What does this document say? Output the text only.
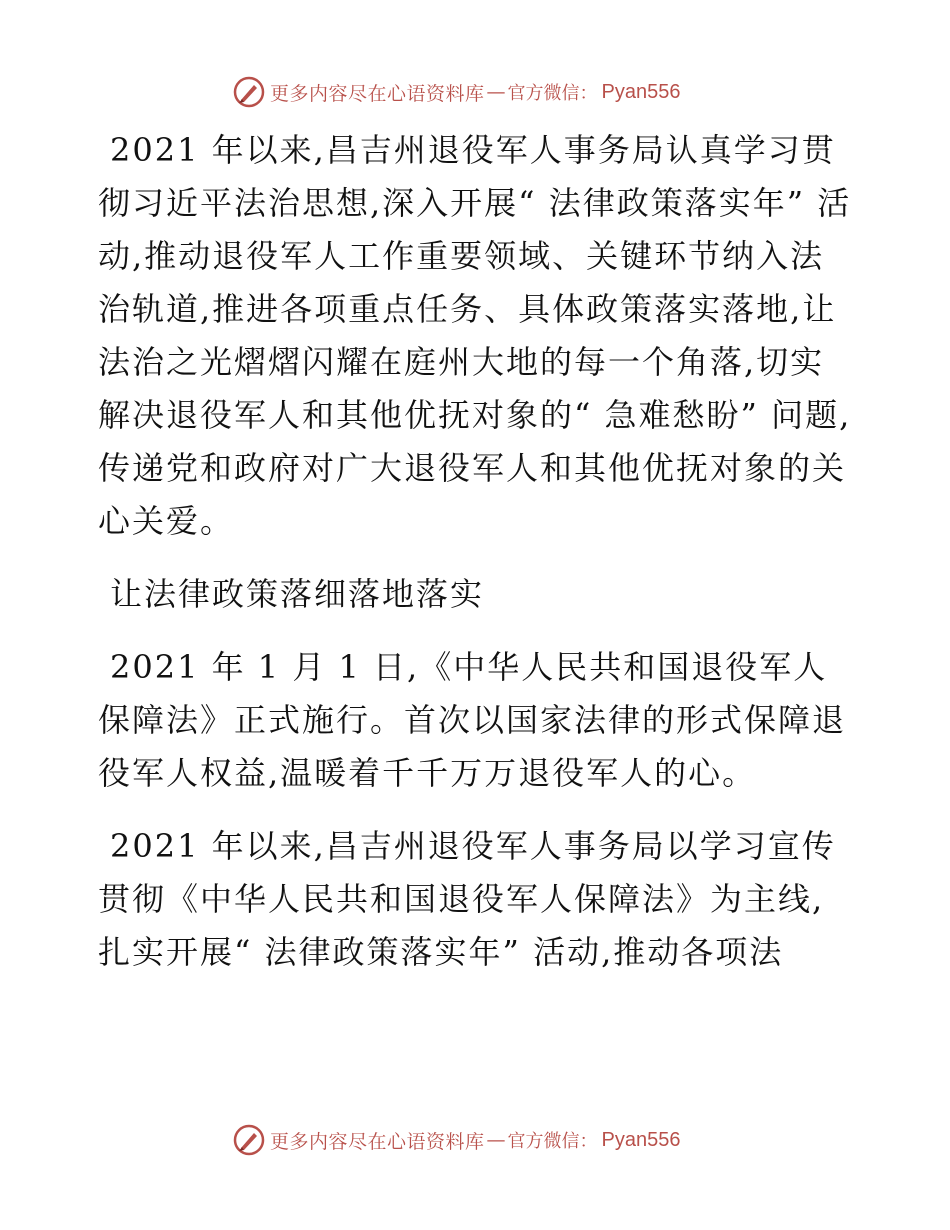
更多内容尽在心语资料库 — 官方微信： Pyan556

2021 年以来,昌吉州退役军人事务局认真学习贯彻习近平法治思想,深入开展“ 法律政策落实年” 活动,推动退役军人工作重要领域、关键环节纳入法治轨道,推进各项重点任务、具体政策落实落地,让法治之光熠熠闪耀在庭州大地的每一个角落,切实解决退役军人和其他优抚对象的“ 急难愁盼” 问题,传递党和政府对广大退役军人和其他优抚对象的关心关爱。

让法律政策落细落地落实

2021 年 1 月 1 日,《中华人民共和国退役军人保障法》正式施行。首次以国家法律的形式保障退役军人权益,温暖着千千万万退役军人的心。

2021 年以来,昌吉州退役军人事务局以学习宣传贯彻《中华人民共和国退役军人保障法》为主线,扎实开展“ 法律政策落实年” 活动,推动各项法

更多内容尽在心语资料库 — 官方微信： Pyan556
